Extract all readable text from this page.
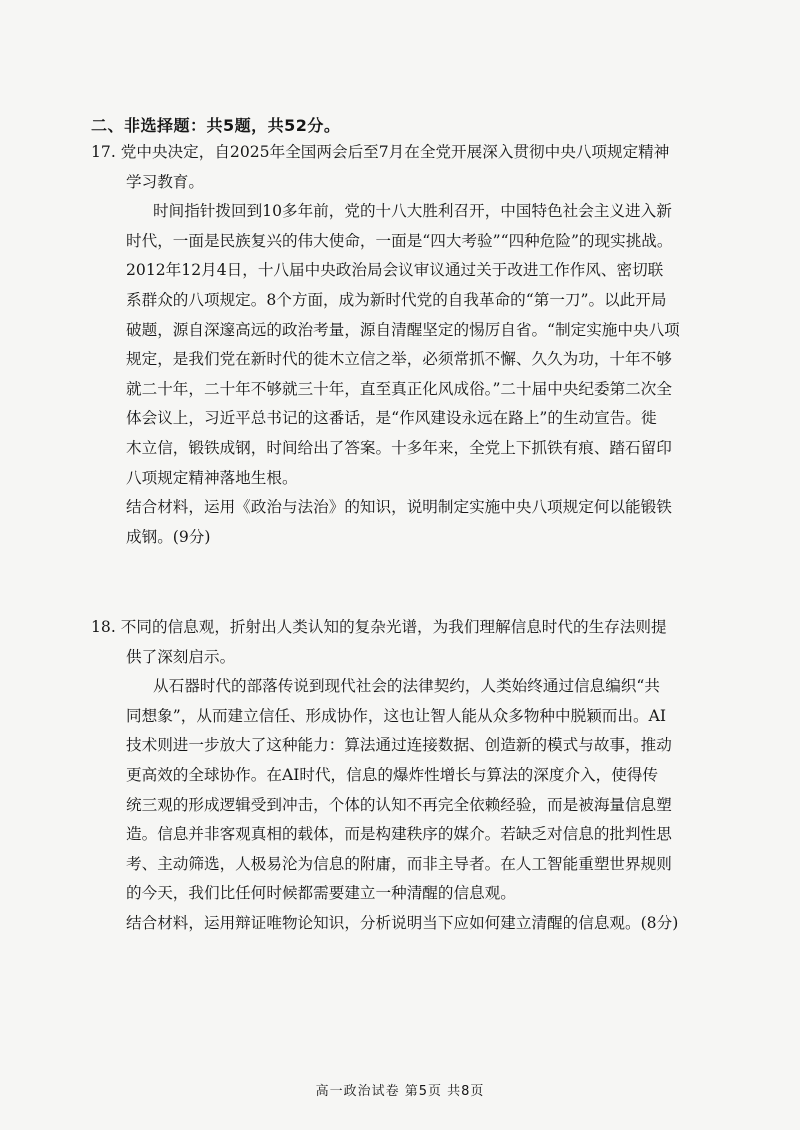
二、非选择题：共5题，共52分。
17. 党中央决定，自2025年全国两会后至7月在全党开展深入贯彻中央八项规定精神
学习教育。
时间指针拨回到10多年前，党的十八大胜利召开，中国特色社会主义进入新
时代，一面是民族复兴的伟大使命，一面是“四大考验”“四种危险”的现实挑战。
2012年12月4日，十八届中央政治局会议审议通过关于改进工作作风、密切联
系群众的八项规定。8个方面，成为新时代党的自我革命的“第一刀”。以此开局
破题，源自深邃高远的政治考量，源自清醒坚定的惕厉自省。“制定实施中央八项
规定，是我们党在新时代的徙木立信之举，必须常抓不懈、久久为功，十年不够
就二十年，二十年不够就三十年，直至真正化风成俗。”二十届中央纪委第二次全
体会议上，习近平总书记的这番话，是“作风建设永远在路上”的生动宣告。徙
木立信，锻铁成钢，时间给出了答案。十多年来，全党上下抓铁有痕、踏石留印
八项规定精神落地生根。
结合材料，运用《政治与法治》的知识，说明制定实施中央八项规定何以能锻铁
成钢。(9分)
18. 不同的信息观，折射出人类认知的复杂光谱，为我们理解信息时代的生存法则提
供了深刻启示。
从石器时代的部落传说到现代社会的法律契约，人类始终通过信息编织“共
同想象”，从而建立信任、形成协作，这也让智人能从众多物种中脱颖而出。AI
技术则进一步放大了这种能力：算法通过连接数据、创造新的模式与故事，推动
更高效的全球协作。在AI时代，信息的爆炸性增长与算法的深度介入，使得传
统三观的形成逻辑受到冲击，个体的认知不再完全依赖经验，而是被海量信息塑
造。信息并非客观真相的载体，而是构建秩序的媒介。若缺乏对信息的批判性思
考、主动筛选，人极易沦为信息的附庸，而非主导者。在人工智能重塑世界规则
的今天，我们比任何时候都需要建立一种清醒的信息观。
结合材料，运用辩证唯物论知识，分析说明当下应如何建立清醒的信息观。(8分)
高一政治试卷 第5页 共8页
